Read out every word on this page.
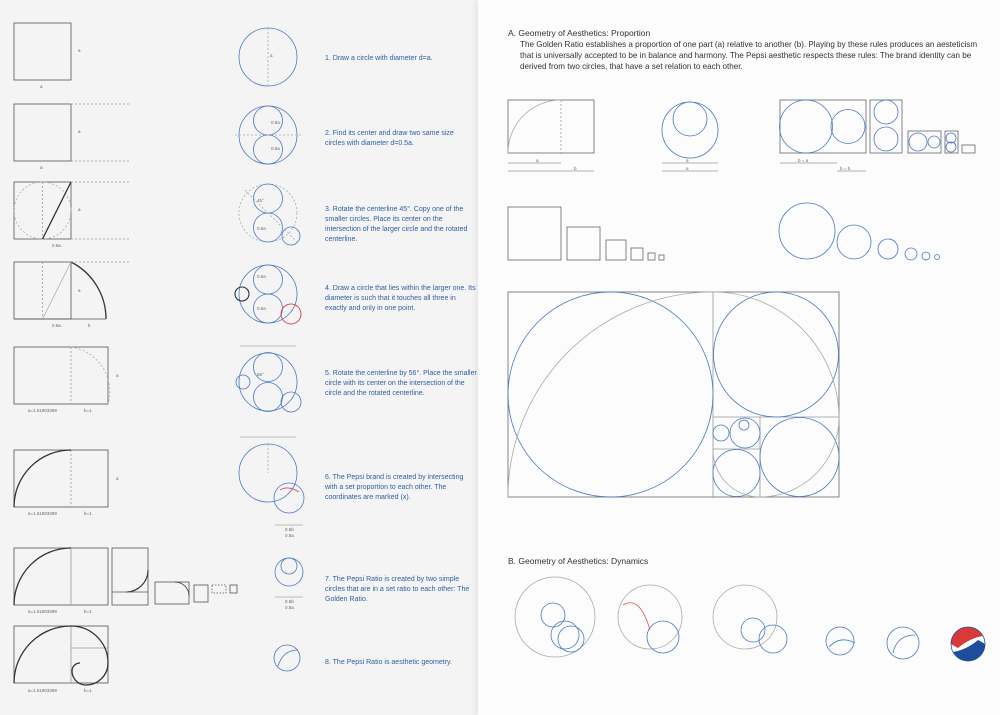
a
a
a
a
a
0.5a
a
0.5a	b
a
a=1.61803399	b=1
a
a=1.61803399	b=1
a=1.61803399	b=1
a=1.61803399	b=1
a
0.5a
0.5a
45°
0.5a
0.5a
0.5a
56°
0.5b
0.5a
0.5b
0.5a
1. Draw a circle with diameter d=a.
2. Find its center and draw two same size circles with diameter d=0.5a.
3. Rotate the centerline 45°. Copy one of the smaller circles. Place its center on the intersection of the larger circle and the rotated centerline.
4. Draw a circle that lies within the larger one. Its diameter is such that it touches all three in exactly and only in one point.
5. Rotate the centerline by 56°. Place the smaller circle with its center on the intersection of the circle and the rotated centerline.
6. The Pepsi brand is created by intersecting with a set proportion to each other. The coordinates are marked (x).
7. The Pepsi Ratio is created by two simple circles that are in a set ratio to each other: The Golden Ratio.
8. The Pepsi Ratio is aesthetic geometry.
A. Geometry of Aesthetics: Proportion
The Golden Ratio establishes a proportion of one part (a) relative to another (b). Playing by these rules produces an aesteticism that is universally accepted to be in balance and harmony. The Pepsi aesthetic respects these rules: The brand identity can be derived from two circles, that have a set relation to each other.
a
b
a
a
b = a
b = b
B. Geometry of Aesthetics: Dynamics
